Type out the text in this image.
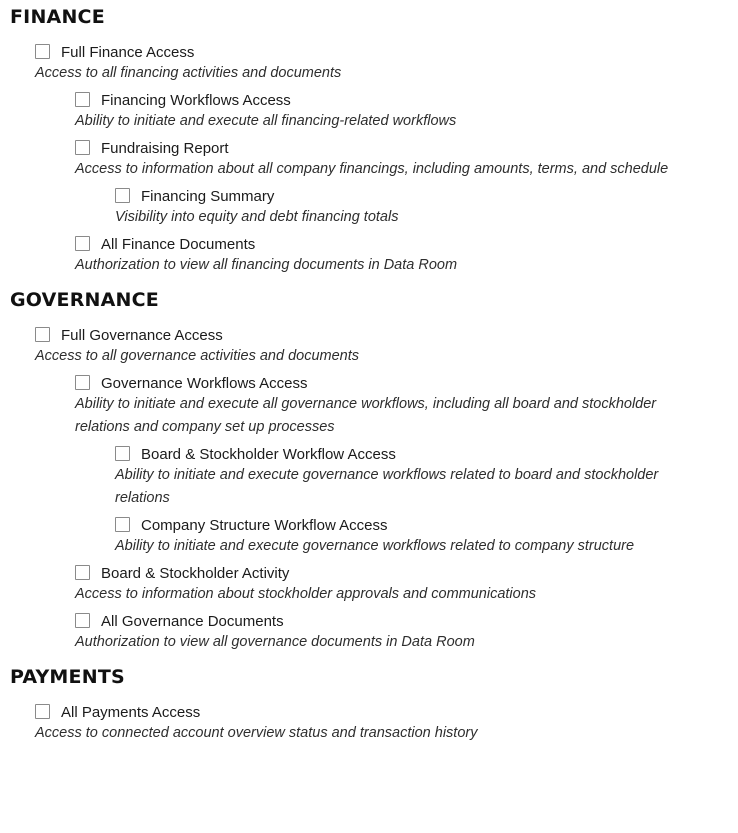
FINANCE
Full Finance Access
Access to all financing activities and documents
Financing Workflows Access
Ability to initiate and execute all financing-related workflows
Fundraising Report
Access to information about all company financings, including amounts, terms, and schedule
Financing Summary
Visibility into equity and debt financing totals
All Finance Documents
Authorization to view all financing documents in Data Room
GOVERNANCE
Full Governance Access
Access to all governance activities and documents
Governance Workflows Access
Ability to initiate and execute all governance workflows, including all board and stockholder relations and company set up processes
Board & Stockholder Workflow Access
Ability to initiate and execute governance workflows related to board and stockholder relations
Company Structure Workflow Access
Ability to initiate and execute governance workflows related to company structure
Board & Stockholder Activity
Access to information about stockholder approvals and communications
All Governance Documents
Authorization to view all governance documents in Data Room
PAYMENTS
All Payments Access
Access to connected account overview status and transaction history
